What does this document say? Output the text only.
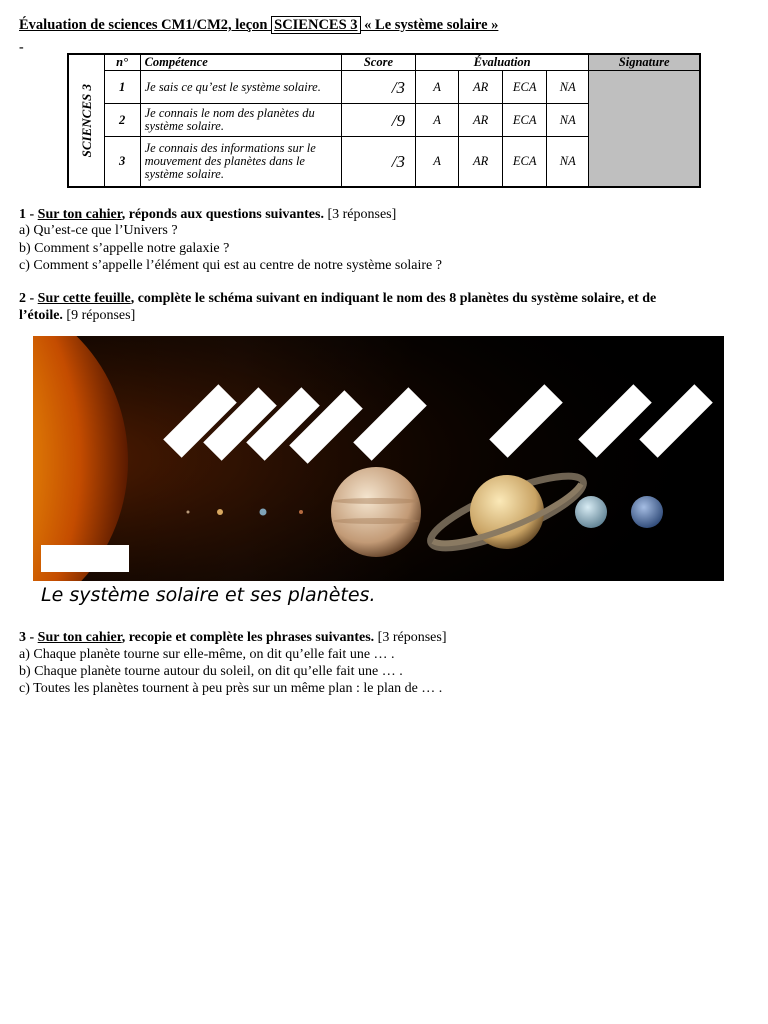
Évaluation de sciences CM1/CM2, leçon SCIENCES 3 « Le système solaire »
-
SCIENCES 3	n°	Compétence	Score	Évaluation				Signature
	1	Je sais ce qu’est le système solaire.	/3	A	AR	ECA	NA	
	2	Je connais le nom des planètes du système solaire.	/9	A	AR	ECA	NA	
	3	Je connais des informations sur le mouvement des planètes dans le système solaire.	/3	A	AR	ECA	NA	
1 - Sur ton cahier, réponds aux questions suivantes. [3 réponses]
a) Qu’est-ce que l’Univers ?
b) Comment s’appelle notre galaxie ?
c) Comment s’appelle l’élément qui est au centre de notre système solaire ?
2 - Sur cette feuille, complète le schéma suivant en indiquant le nom des 8 planètes du système solaire, et de
l’étoile. [9 réponses]
Le système solaire et ses planètes.
3 - Sur ton cahier, recopie et complète les phrases suivantes. [3 réponses]
a) Chaque planète tourne sur elle-même, on dit qu’elle fait une … .
b) Chaque planète tourne autour du soleil, on dit qu’elle fait une … .
c) Toutes les planètes tournent à peu près sur un même plan : le plan de … .
